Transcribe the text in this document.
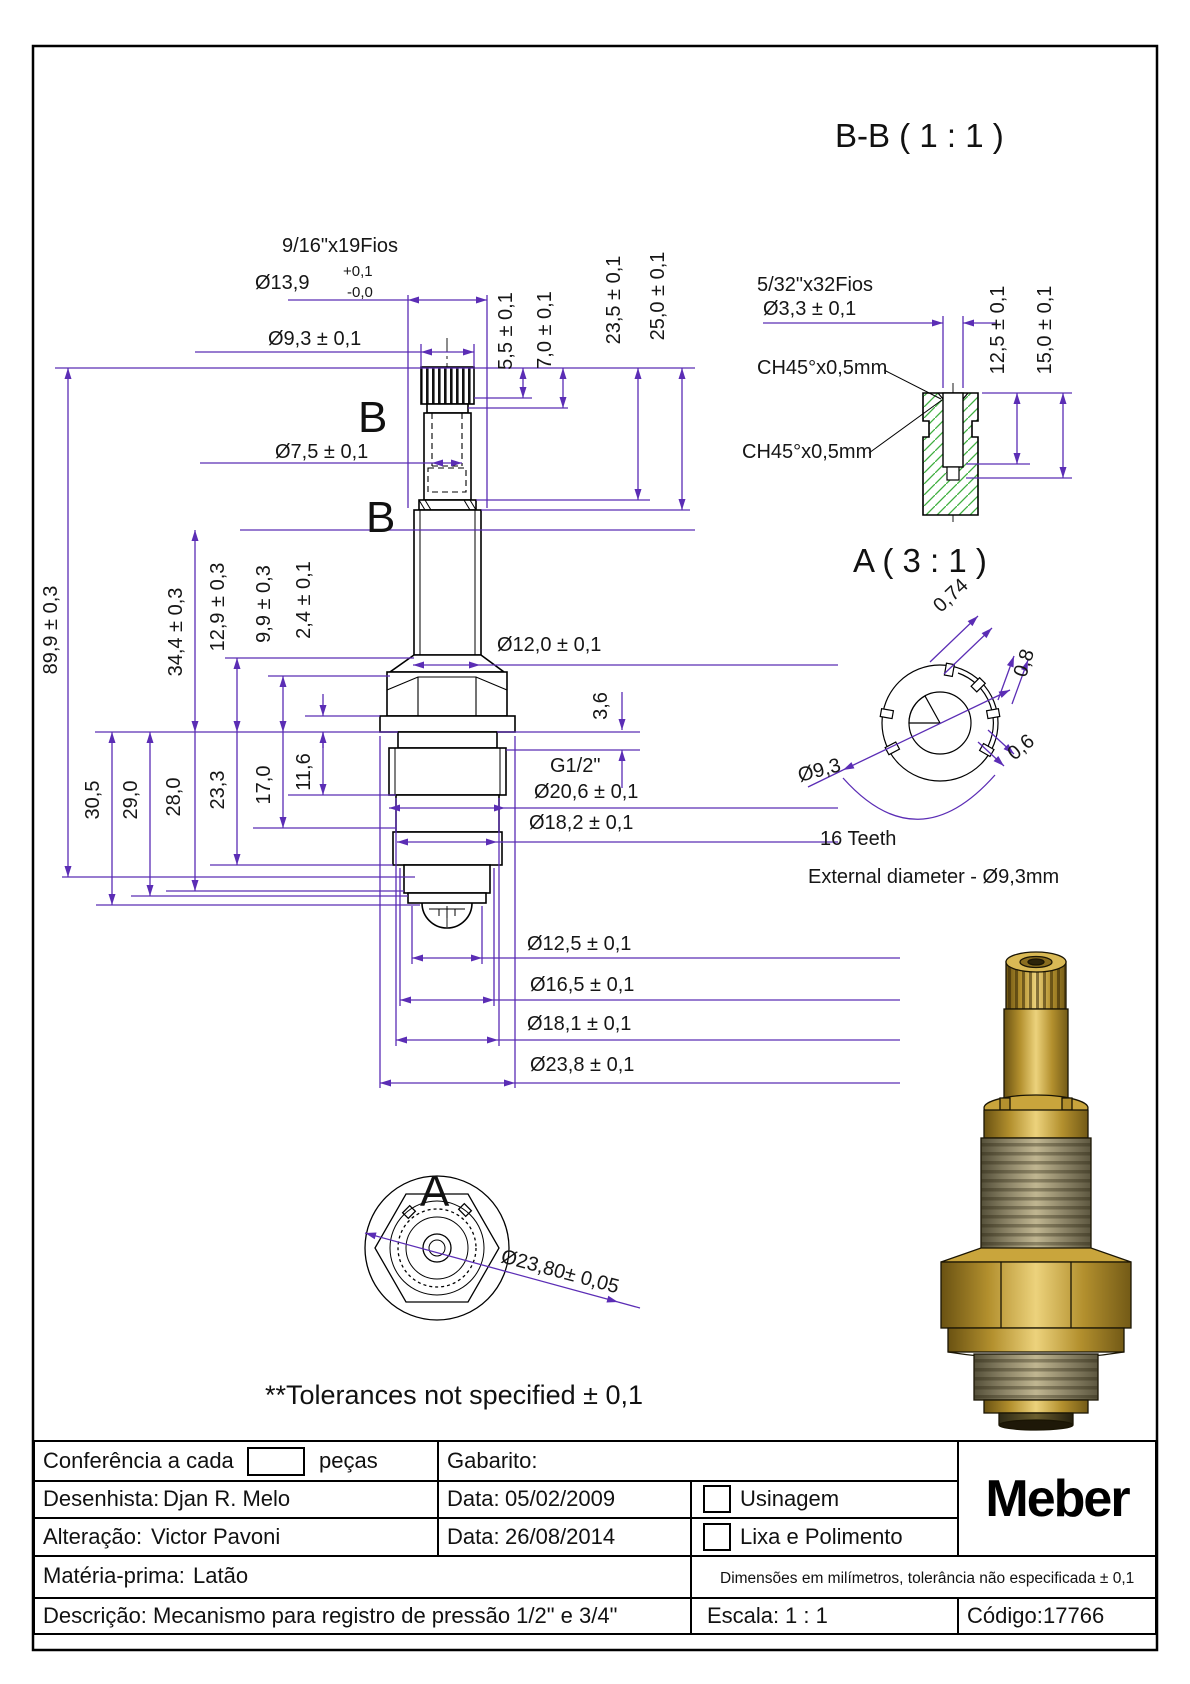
9/16"x19Fios
Ø13,9
+0,1
-0,0
Ø9,3 ± 0,1
Ø7,5 ± 0,1
B
B
5,5 ± 0,1 7,0 ± 0,1 23,5 ± 0,1 25,0 ± 0,1
Ø12,0 ± 0,1
3,6
G1/2"
Ø20,6 ± 0,1
Ø18,2 ± 0,1
89,9 ± 0,3	34,4 ± 0,3 12,9 ± 0,3 9,9 ± 0,3 2,4 ± 0,1
30,5 29,0 28,0 23,3 17,0 11,6
Ø12,5 ± 0,1
Ø16,5 ± 0,1
Ø18,1 ± 0,1
Ø23,8 ± 0,1
B-B ( 1 : 1 )
5/32"x32Fios
Ø3,3 ± 0,1
CH45°x0,5mm
CH45°x0,5mm
12,5 ± 0,1 15,0 ± 0,1
A ( 3 : 1 )
0,74
0,8
0,6
Ø9,3
16 Teeth
External diameter - Ø9,3mm
A
Ø23,80± 0,05
**Tolerances not specified ± 0,1
Conferência a cada	peças	Gabarito:
Desenhista: Djan R. Melo	Data: 05/02/2009	Usinagem
Alteração: Victor Pavoni	Data: 26/08/2014	Lixa e Polimento
Matéria-prima: Latão	Dimensões em milímetros, tolerância não especificada ± 0,1
Descrição: Mecanismo para registro de pressão 1/2" e 3/4"	Escala: 1 : 1	Código: 17766
Meber
